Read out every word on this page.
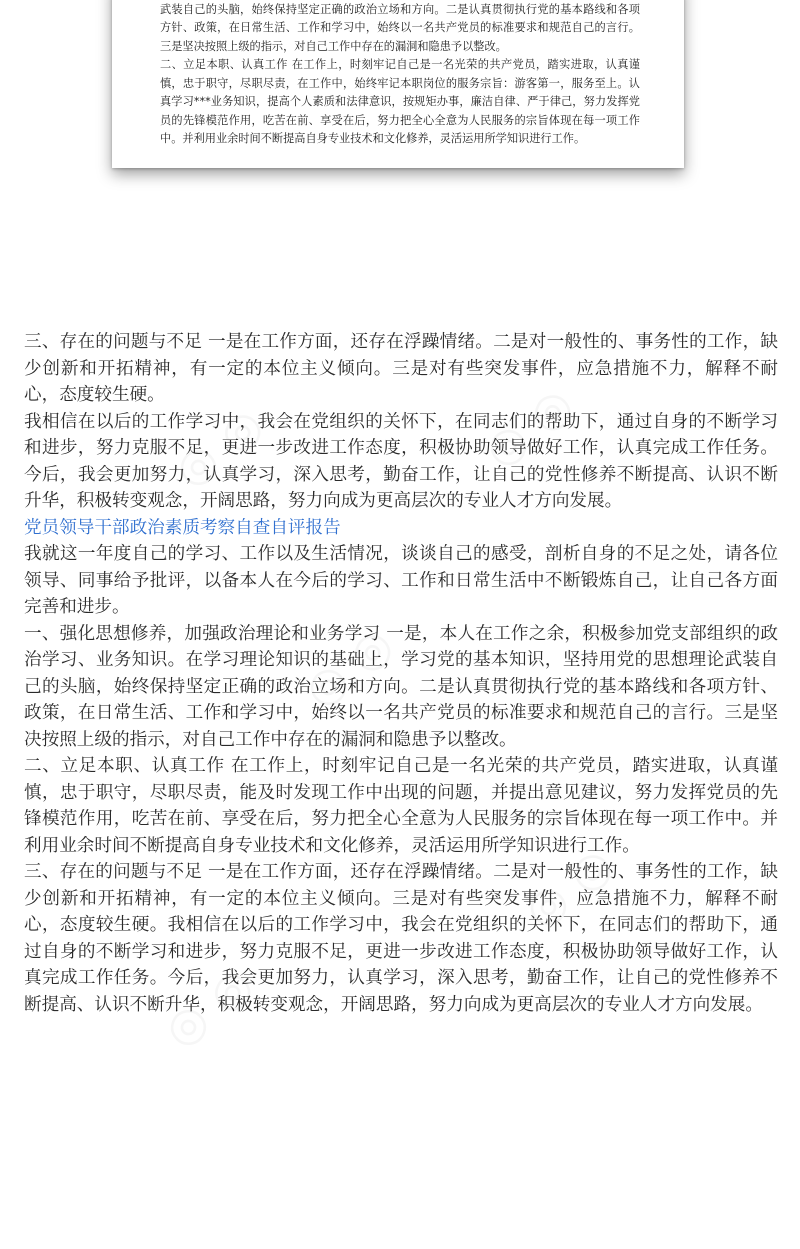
武装自己的头脑，始终保持坚定正确的政治立场和方向。二是认真贯彻执行党的基本路线和各项方针、政策，在日常生活、工作和学习中，始终以一名共产党员的标准要求和规范自己的言行。三是坚决按照上级的指示，对自己工作中存在的漏洞和隐患予以整改。

二、立足本职、认真工作 在工作上，时刻牢记自己是一名光荣的共产党员，踏实进取，认真谨慎，忠于职守，尽职尽责，在工作中，始终牢记本职岗位的服务宗旨：游客第一，服务至上。认真学习***业务知识，提高个人素质和法律意识，按规矩办事，廉洁自律、严于律己，努力发挥党员的先锋模范作用，吃苦在前、享受在后，努力把全心全意为人民服务的宗旨体现在每一项工作中。并利用业余时间不断提高自身专业技术和文化修养，灵活运用所学知识进行工作。

三、存在的问题与不足 一是在工作方面，还存在浮躁情绪。二是对一般性的、事务性的工作，缺少创新和开拓精神，有一定的本位主义倾向。三是对有些突发事件，应急措施不力，解释不耐心，态度较生硬。

我相信在以后的工作学习中，我会在党组织的关怀下，在同志们的帮助下，通过自身的不断学习和进步，努力克服不足，更进一步改进工作态度，积极协助领导做好工作，认真完成工作任务。今后，我会更加努力，认真学习，深入思考，勤奋工作，让自己的党性修养不断提高、认识不断升华，积极转变观念，开阔思路，努力向成为更高层次的专业人才方向发展。

党员领导干部政治素质考察自查自评报告

我就这一年度自己的学习、工作以及生活情况，谈谈自己的感受，剖析自身的不足之处，请各位领导、同事给予批评，以备本人在今后的学习、工作和日常生活中不断锻炼自己，让自己各方面完善和进步。

一、强化思想修养，加强政治理论和业务学习 一是，本人在工作之余，积极参加党支部组织的政治学习、业务知识。在学习理论知识的基础上，学习党的基本知识，坚持用党的思想理论武装自己的头脑，始终保持坚定正确的政治立场和方向。二是认真贯彻执行党的基本路线和各项方针、政策，在日常生活、工作和学习中，始终以一名共产党员的标准要求和规范自己的言行。三是坚决按照上级的指示，对自己工作中存在的漏洞和隐患予以整改。

二、立足本职、认真工作 在工作上，时刻牢记自己是一名光荣的共产党员，踏实进取，认真谨慎，忠于职守，尽职尽责，能及时发现工作中出现的问题，并提出意见建议，努力发挥党员的先锋模范作用，吃苦在前、享受在后，努力把全心全意为人民服务的宗旨体现在每一项工作中。并利用业余时间不断提高自身专业技术和文化修养，灵活运用所学知识进行工作。

三、存在的问题与不足 一是在工作方面，还存在浮躁情绪。二是对一般性的、事务性的工作，缺少创新和开拓精神，有一定的本位主义倾向。三是对有些突发事件，应急措施不力，解释不耐心，态度较生硬。我相信在以后的工作学习中，我会在党组织的关怀下，在同志们的帮助下，通过自身的不断学习和进步，努力克服不足，更进一步改进工作态度，积极协助领导做好工作，认真完成工作任务。今后，我会更加努力，认真学习，深入思考，勤奋工作，让自己的党性修养不断提高、认识不断升华，积极转变观念，开阔思路，努力向成为更高层次的专业人才方向发展。
